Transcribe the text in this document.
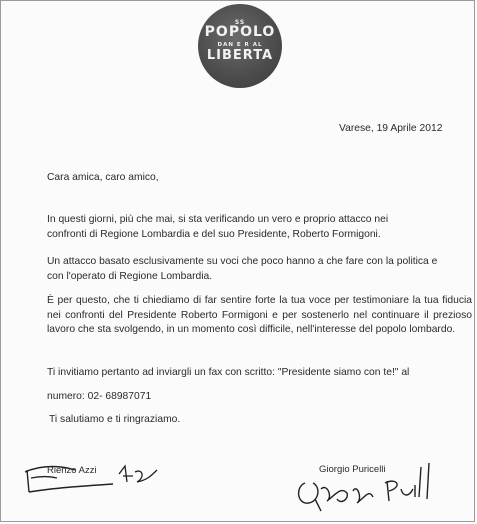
SS
POPOLO
DAN E R AL
LIBERTA
Varese, 19 Aprile 2012
Cara amica, caro amico,
In questi giorni, più che mai, si sta verificando un vero e proprio attacco nei
confronti di Regione Lombardia e del suo Presidente, Roberto Formigoni.
Un attacco basato esclusivamente su voci che poco hanno a che fare con la politica e
con l'operato di Regione Lombardia.
È per questo, che ti chiediamo di far sentire forte la tua voce per testimoniare la tua fiducia nei confronti del Presidente Roberto Formigoni e per sostenerlo nel continuare il prezioso lavoro che sta svolgendo, in un momento così difficile, nell'interesse del popolo lombardo.
Ti invitiamo pertanto ad inviargli un fax con scritto: "Presidente siamo con te!" al
numero: 02- 68987071
Ti salutiamo e ti ringraziamo.
Rienzo Azzi	Giorgio Puricelli
